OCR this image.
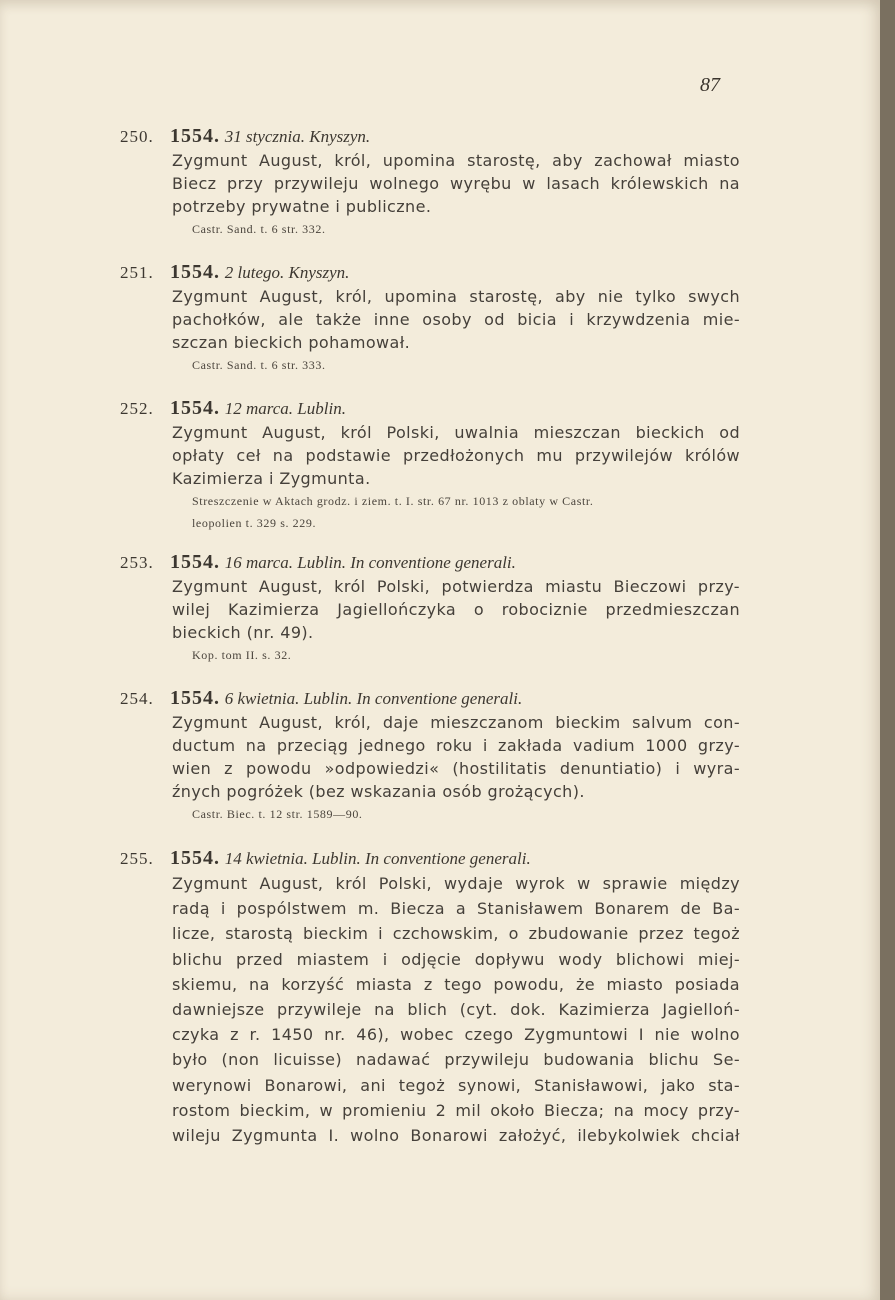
87
250. 1554. 31 stycznia. Knyszyn.
Zygmunt August, król, upomina starostę, aby zachował miasto
Biecz przy przywileju wolnego wyrębu w lasach królewskich na
potrzeby prywatne i publiczne.
Castr. Sand. t. 6 str. 332.
251. 1554. 2 lutego. Knyszyn.
Zygmunt August, król, upomina starostę, aby nie tylko swych
pachołków, ale także inne osoby od bicia i krzywdzenia mie-
szczan bieckich pohamował.
Castr. Sand. t. 6 str. 333.
252. 1554. 12 marca. Lublin.
Zygmunt August, król Polski, uwalnia mieszczan bieckich od
opłaty ceł na podstawie przedłożonych mu przywilejów królów
Kazimierza i Zygmunta.
Streszczenie w Aktach grodz. i ziem. t. I. str. 67 nr. 1013 z oblaty w Castr.
leopolien t. 329 s. 229.
253. 1554. 16 marca. Lublin. In conventione generali.
Zygmunt August, król Polski, potwierdza miastu Bieczowi przy-
wilej Kazimierza Jagiellończyka o robociznie przedmieszczan
bieckich (nr. 49).
Kop. tom II. s. 32.
254. 1554. 6 kwietnia. Lublin. In conventione generali.
Zygmunt August, król, daje mieszczanom bieckim salvum con-
ductum na przeciąg jednego roku i zakłada vadium 1000 grzy-
wien z powodu »odpowiedzi« (hostilitatis denuntiatio) i wyra-
źnych pogróżek (bez wskazania osób grożących).
Castr. Biec. t. 12 str. 1589—90.
255. 1554. 14 kwietnia. Lublin. In conventione generali.
Zygmunt August, król Polski, wydaje wyrok w sprawie między
radą i pospólstwem m. Biecza a Stanisławem Bonarem de Ba-
licze, starostą bieckim i czchowskim, o zbudowanie przez tegoż
blichu przed miastem i odjęcie dopływu wody blichowi miej-
skiemu, na korzyść miasta z tego powodu, że miasto posiada
dawniejsze przywileje na blich (cyt. dok. Kazimierza Jagielloń-
czyka z r. 1450 nr. 46), wobec czego Zygmuntowi I nie wolno
było (non licuisse) nadawać przywileju budowania blichu Se-
werynowi Bonarowi, ani tegoż synowi, Stanisławowi, jako sta-
rostom bieckim, w promieniu 2 mil około Biecza; na mocy przy-
wileju Zygmunta I. wolno Bonarowi założyć, ilebykolwiek chciał
